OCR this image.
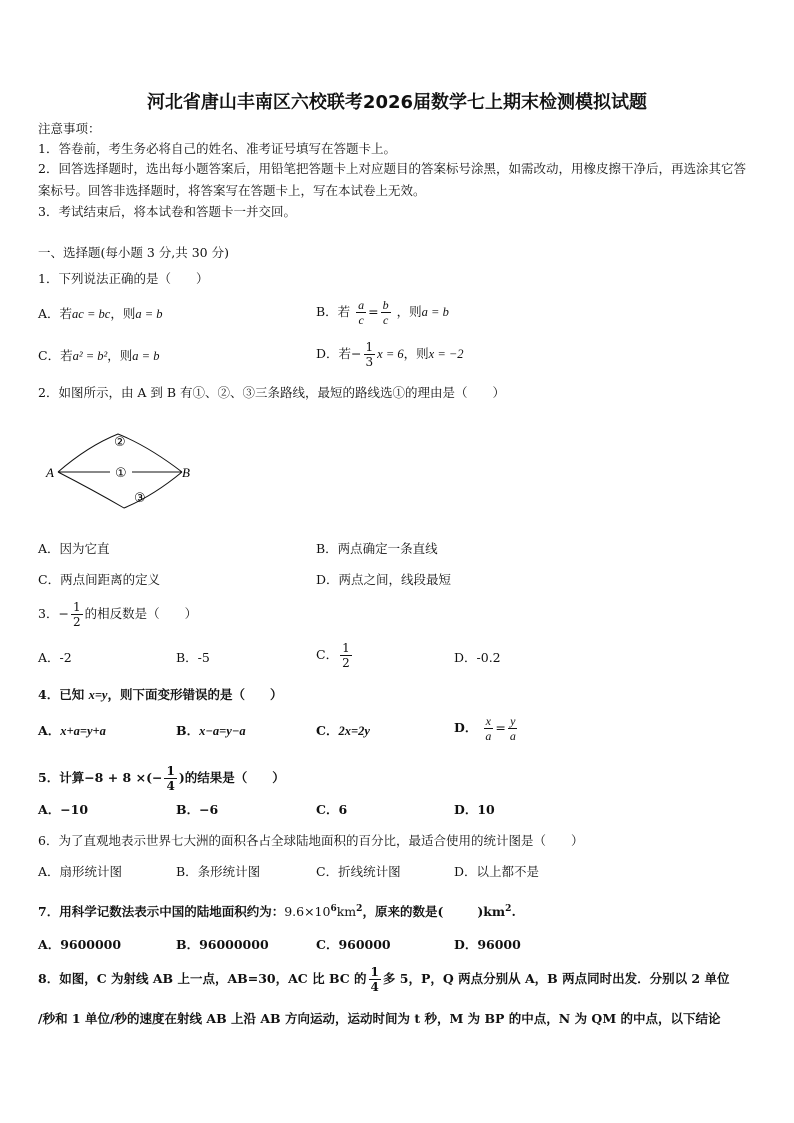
河北省唐山丰南区六校联考2026届数学七上期末检测模拟试题
注意事项：
1．答卷前，考生务必将自己的姓名、准考证号填写在答题卡上。
2．回答选择题时，选出每小题答案后，用铅笔把答题卡上对应题目的答案标号涂黑，如需改动，用橡皮擦干净后，再选涂其它答案标号。回答非选择题时，将答案写在答题卡上，写在本试卷上无效。
3．考试结束后，将本试卷和答题卡一并交回。
一、选择题(每小题 3 分,共 30 分)
1．下列说法正确的是（　　）
A．若ac = bc，则a = b	B．若 $\frac{a}{c} = \frac{b}{c}$ ，则a = b
C．若a² = b²，则a = b	D．若− $\frac{1}{3}$ x = 6，则x = −2
2．如图所示，由 A 到 B 有①、②、③三条路线，最短的路线选①的理由是（　　）
A	B
②
①
③
A．因为它直	B．两点确定一条直线
C．两点间距离的定义	D．两点之间，线段最短
3．− $\frac{1}{2}$ 的相反数是（　　）
A．-2	B．-5	C． $\frac{1}{2}$	D．-0.2
4．已知 x=y，则下面变形错误的是（　　）
A．x+a=y+a	B．x−a=y−a	C．2x=2y	D． $\frac{x}{a} = \frac{y}{a}$
5．计算−8 + 8 ×(− $\frac{1}{4}$ )的结果是（　　）
A．−10	B．−6	C．6	D．10
6．为了直观地表示世界七大洲的面积各占全球陆地面积的百分比，最适合使用的统计图是（　　）
A．扇形统计图	B．条形统计图	C．折线统计图	D．以上都不是
7．用科学记数法表示中国的陆地面积约为：$9.6\times 10^6km^2$，原来的数是(	)$km^2$.
A．9600000	B．96000000	C．960000	D．96000
8．如图，C 为射线 AB 上一点，AB=30，AC 比 BC 的 $\frac{1}{4}$ 多 5，P，Q 两点分别从 A，B 两点同时出发．分别以 2 单位
/秒和 1 单位/秒的速度在射线 AB 上沿 AB 方向运动，运动时间为 t 秒，M 为 BP 的中点，N 为 QM 的中点，以下结论
